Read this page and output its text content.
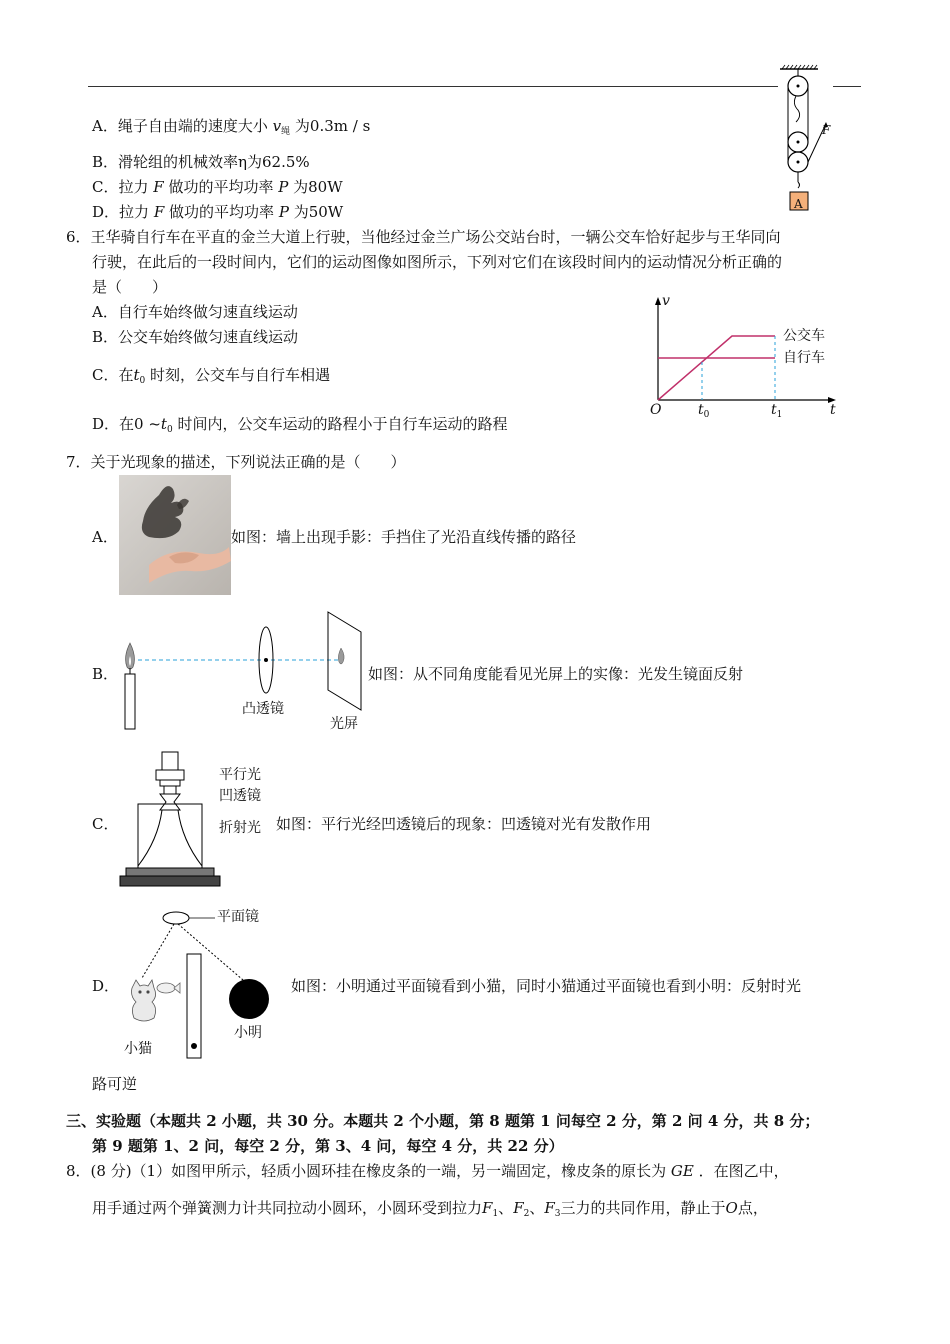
F
A
A．绳子自由端的速度大小 $v_绳$ 为0.3m / s
B．滑轮组的机械效率η为62.5%
C．拉力 F 做功的平均功率 P 为80W
D．拉力 F 做功的平均功率 P 为50W
6．王华骑自行车在平直的金兰大道上行驶，当他经过金兰广场公交站台时，一辆公交车恰好起步与王华同向
行驶，在此后的一段时间内，它们的运动图像如图所示，下列对它们在该段时间内的运动情况分析正确的
是（　　）
A．自行车始终做匀速直线运动
B．公交车始终做匀速直线运动
C．在$t_0$ 时刻，公交车与自行车相遇
D．在0 $\sim t_0$ 时间内，公交车运动的路程小于自行车运动的路程
v
O	$t_0$	$t_1$	t
公交车
自行车
7．关于光现象的描述，下列说法正确的是（　　）
A．	如图：墙上出现手影：手挡住了光沿直线传播的路径
B．
凸透镜
光屏
如图：从不同角度能看见光屏上的实像：光发生镜面反射
C．
平行光
凹透镜
折射光 如图：平行光经凹透镜后的现象：凹透镜对光有发散作用
D．
平面镜
小明
小猫
如图：小明通过平面镜看到小猫，同时小猫通过平面镜也看到小明：反射时光
路可逆
三、实验题（本题共 2 小题，共 30 分。本题共 2 个小题，第 8 题第 1 问每空 2 分，第 2 问 4 分，共 8 分；
第 9 题第 1、2 问，每空 2 分，第 3、4 问，每空 4 分，共 22 分）
8．(8 分)（1）如图甲所示，轻质小圆环挂在橡皮条的一端，另一端固定，橡皮条的原长为 GE ．在图乙中，
用手通过两个弹簧测力计共同拉动小圆环，小圆环受到拉力$F_1$、$F_2$、$F_3$三力的共同作用，静止于O点，
